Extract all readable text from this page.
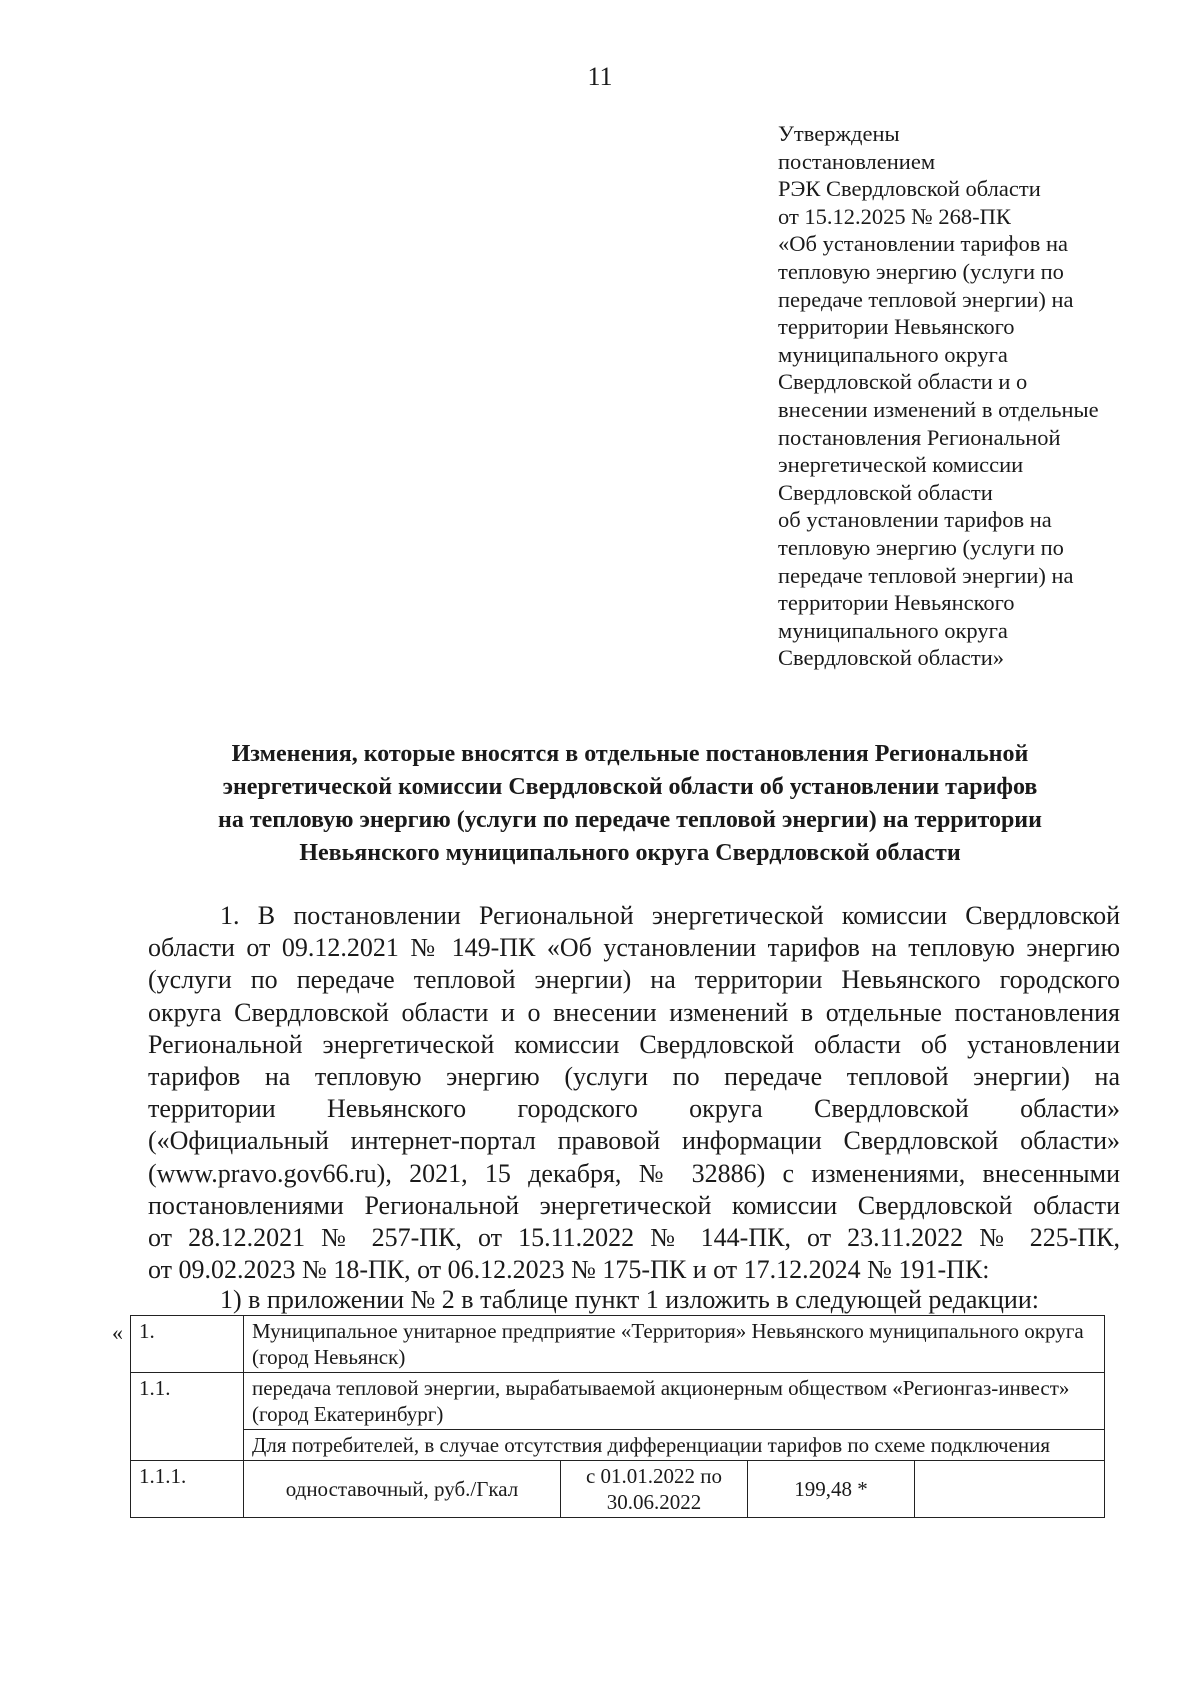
11
Утверждены
постановлением
РЭК Свердловской области
от 15.12.2025 № 268-ПК
«Об установлении тарифов на
тепловую энергию (услуги по
передаче тепловой энергии) на
территории Невьянского
муниципального округа
Свердловской области и о
внесении изменений в отдельные
постановления Региональной
энергетической комиссии
Свердловской области
об установлении тарифов на
тепловую энергию (услуги по
передаче тепловой энергии) на
территории Невьянского
муниципального округа
Свердловской области»
Изменения, которые вносятся в отдельные постановления Региональной
энергетической комиссии Свердловской области об установлении тарифов
на тепловую энергию (услуги по передаче тепловой энергии) на территории
Невьянского муниципального округа Свердловской области
1. В постановлении Региональной энергетической комиссии Свердловской
области от 09.12.2021 № 149-ПК «Об установлении тарифов на тепловую энергию
(услуги по передаче тепловой энергии) на территории Невьянского городского
округа Свердловской области и о внесении изменений в отдельные постановления
Региональной энергетической комиссии Свердловской области об установлении
тарифов на тепловую энергию (услуги по передаче тепловой энергии) на
территории Невьянского городского округа Свердловской области»
(«Официальный интернет-портал правовой информации Свердловской области»
(www.pravo.gov66.ru), 2021, 15 декабря, № 32886) с изменениями, внесенными
постановлениями Региональной энергетической комиссии Свердловской области
от 28.12.2021 № 257-ПК, от 15.11.2022 № 144-ПК, от 23.11.2022 № 225-ПК,
от 09.02.2023 № 18-ПК, от 06.12.2023 № 175-ПК и от 17.12.2024 № 191-ПК:
1) в приложении № 2 в таблице пункт 1 изложить в следующей редакции:
« 1.	Муниципальное унитарное предприятие «Территория» Невьянского муниципального округа (город Невьянск)			
1.1.	передача тепловой энергии, вырабатываемой акционерным обществом «Регионгаз-инвест» (город Екатеринбург)			
	Для потребителей, в случае отсутствия дифференциации тарифов по схеме подключения			
1.1.1.	одноставочный, руб./Гкал	с 01.01.2022 по 30.06.2022	199,48 *	
